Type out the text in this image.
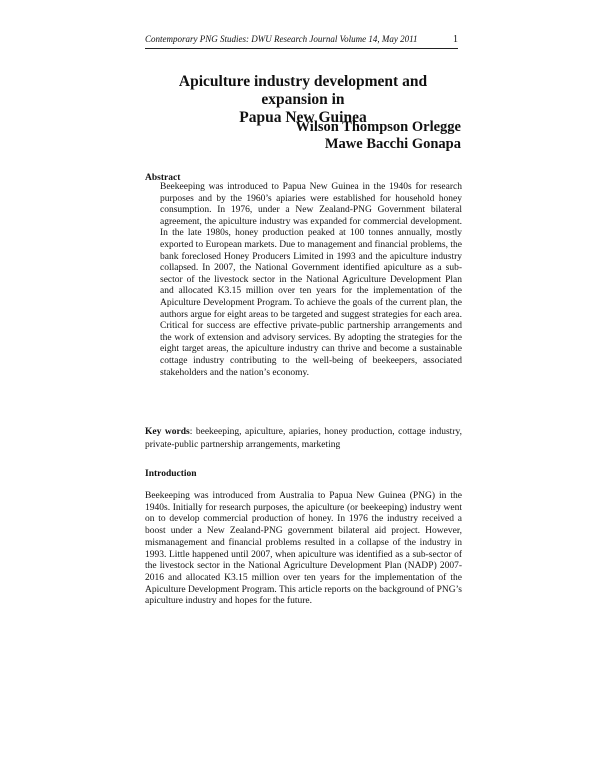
Contemporary PNG Studies: DWU Research Journal Volume 14, May 2011	1
Apiculture industry development and expansion in
Papua New Guinea
Wilson Thompson Orlegge
Mawe Bacchi Gonapa
Abstract

Beekeeping was introduced to Papua New Guinea in the 1940s for research purposes and by the 1960’s apiaries were established for household honey consumption. In 1976, under a New Zealand-PNG Government bilateral agreement, the apiculture industry was expanded for commercial development. In the late 1980s, honey production peaked at 100 tonnes annually, mostly exported to European markets. Due to management and financial problems, the bank foreclosed Honey Producers Limited in 1993 and the apiculture industry collapsed. In 2007, the National Government identified apiculture as a sub-sector of the livestock sector in the National Agriculture Development Plan and allocated K3.15 million over ten years for the implementation of the Apiculture Development Program. To achieve the goals of the current plan, the authors argue for eight areas to be targeted and suggest strategies for each area. Critical for success are effective private-public partnership arrangements and the work of extension and advisory services. By adopting the strategies for the eight target areas, the apiculture industry can thrive and become a sustainable cottage industry contributing to the well-being of beekeepers, associated stakeholders and the nation’s economy.

Key words: beekeeping, apiculture, apiaries, honey production, cottage industry, private-public partnership arrangements, marketing

Introduction

Beekeeping was introduced from Australia to Papua New Guinea (PNG) in the 1940s. Initially for research purposes, the apiculture (or beekeeping) industry went on to develop commercial production of honey. In 1976 the industry received a boost under a New Zealand-PNG government bilateral aid project. However, mismanagement and financial problems resulted in a collapse of the industry in 1993. Little happened until 2007, when apiculture was identified as a sub-sector of the livestock sector in the National Agriculture Development Plan (NADP) 2007-2016 and allocated K3.15 million over ten years for the implementation of the Apiculture Development Program. This article reports on the background of PNG’s apiculture industry and hopes for the future.
